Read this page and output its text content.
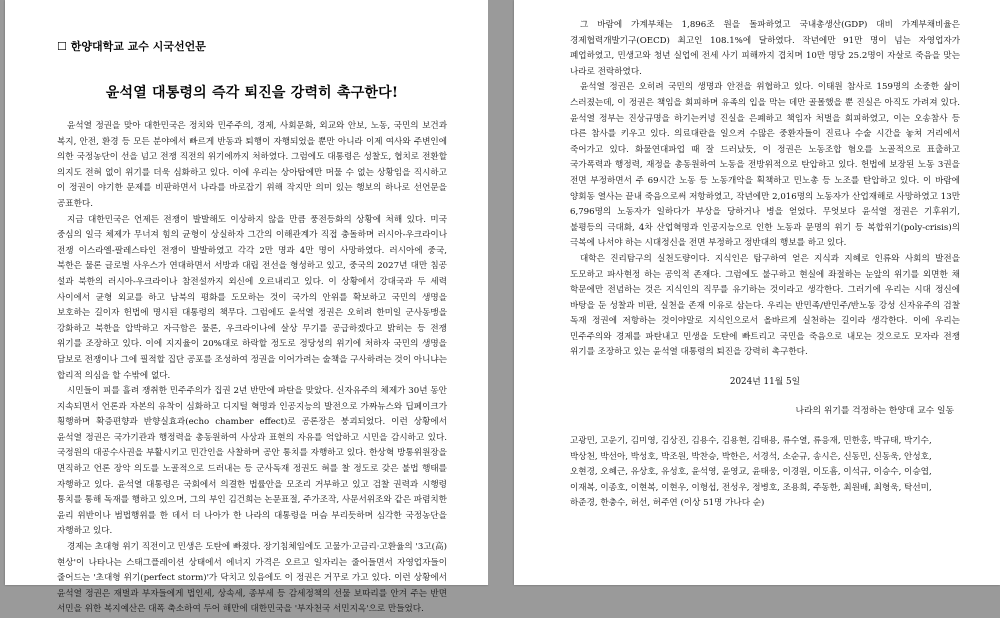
☐ 한양대학교 교수 시국선언문
윤석열 대통령의 즉각 퇴진을 강력히 촉구한다!

윤석열 정권을 맞아 대한민국은 정치와 민주주의, 경제, 사회문화, 외교와 안보, 노동, 국민의 보건과 복지, 안전, 환경 등 모든 분야에서 빠르게 반동과 퇴행이 자행되었을 뿐만 아니라 이제 여사와 주변인에 의한 국정농단이 선을 넘고 전쟁 직전의 위기에까지 처하였다. 그럼에도 대통령은 성찰도, 협치로 전환할 의지도 전혀 없이 위기를 더욱 심화하고 있다. 이에 우리는 상아탑에만 머물 수 없는 상황임을 직시하고 이 정권이 야기한 문제를 비판하면서 나라를 바로잡기 위해 작지만 의미 있는 행보의 하나로 선언문을 공표한다.

지금 대한민국은 언제든 전쟁이 발발해도 이상하지 않을 만큼 풍전등화의 상황에 처해 있다. 미국 중심의 일극 체제가 무너져 힘의 균형이 상실하자 그간의 이해관계가 직접 충돌하며 러시아-우크라이나 전쟁 이스라엘-팔레스타인 전쟁이 발발하였고 각각 2만 명과 4만 명이 사망하였다. 러시아에 중국, 북한은 물론 글로벌 사우스가 연대하면서 서방과 대립 전선을 형성하고 있고, 중국의 2027년 대만 침공 설과 북한의 러시아-우크라이나 참전설까지 외신에 오르내리고 있다. 이 상황에서 강대국과 두 세력 사이에서 균형 외교를 하고 남북의 평화를 도모하는 것이 국가의 안위를 확보하고 국민의 생명을 보호하는 길이자 헌법에 명시된 대통령의 책무다. 그럼에도 윤석열 정권은 오히려 한미일 군사동맹을 강화하고 북한을 압박하고 자극함은 물론, 우크라이나에 살상 무기를 공급하겠다고 밝히는 등 전쟁 위기를 조장하고 있다. 이에 지지율이 20%대로 하락할 정도로 정당성의 위기에 처하자 국민의 생명을 담보로 전쟁이나 그에 필적할 집단 공포를 조성하여 정권을 이어가려는 술책을 구사하려는 것이 아니냐는 합리적 의심을 할 수밖에 없다.

시민들이 피를 흘려 쟁취한 민주주의가 집권 2년 반만에 파탄을 맞았다. 신자유주의 체제가 30년 동안 지속되면서 언론과 자본의 유착이 심화하고 디지털 혁명과 인공지능의 발전으로 가짜뉴스와 딥페이크가 횡행하며 확증편향과 반향실효과(echo chamber effect)로 공론장은 붕괴되었다. 이런 상황에서 윤석열 정권은 국가기관과 행정력을 총동원하여 사상과 표현의 자유를 억압하고 시민을 감시하고 있다. 국정원의 대공수사권을 부활시키고 민간인을 사찰하며 공안 통치를 자행하고 있다. 한상혁 방통위원장을 면직하고 언론 장악 의도를 노골적으로 드러내는 등 군사독재 정권도 혀를 찰 정도로 갖은 불법 행태를 자행하고 있다. 윤석열 대통령은 국회에서 의결한 법률안을 모조리 거부하고 있고 검찰 권력과 시행령 통치를 통해 독재를 행하고 있으며, 그의 부인 김건희는 논문표절, 주가조작, 사문서위조와 같은 파렴치한 윤리 위반이나 범법행위를 한 데서 더 나아가 한 나라의 대통령을 머슴 부리듯하며 심각한 국정농단을 자행하고 있다.

경제는 초대형 위기 직전이고 민생은 도탄에 빠졌다. 장기침체임에도 고물가·고금리·고환율의 '3고(高) 현상'이 나타나는 스태그플레이션 상태에서 에너지 가격은 오르고 일자리는 줄어들면서 자영업자들이 줄어드는 '초대형 위기(perfect storm)'가 닥치고 있음에도 이 정권은 거꾸로 가고 있다. 이런 상황에서 윤석열 정권은 재벌과 부자들에게 법인세, 상속세, 종부세 등 감세정책의 선물 보따리를 안겨 주는 반면 서민을 위한 복지예산은 대폭 축소하여 두어 해만에 대한민국을 '부자천국 서민지옥'으로 만들었다.

그 바람에 가계부채는 1,896조 원을 돌파하였고 국내총생산(GDP) 대비 가계부채비율은 경제협력개발기구(OECD) 최고인 108.1%에 달하였다. 작년에만 91만 명이 넘는 자영업자가 폐업하였고, 민생고와 청년 실업에 전세 사기 피해까지 겹치며 10만 명당 25.2명이 자살로 죽음을 맞는 나라로 전락하였다.

윤석열 정권은 오히려 국민의 생명과 안전을 위협하고 있다. 이태원 참사로 159명의 소중한 삶이 스러졌는데, 이 정권은 책임을 회피하며 유족의 입을 막는 데만 골몰했을 뿐 진실은 아직도 가려져 있다. 윤석열 정부는 진상규명을 하기는커녕 진실을 은폐하고 책임자 처벌을 회피하였고, 이는 오송참사 등 다른 참사를 키우고 있다. 의료대란을 일으켜 수많은 중환자들이 진료나 수술 시간을 놓쳐 거리에서 죽어가고 있다. 화물연대파업 때 잘 드러났듯, 이 정권은 노동조합 혐오를 노골적으로 표출하고 국가폭력과 행정력, 재정을 총동원하여 노동을 전방위적으로 탄압하고 있다. 헌법에 보장된 노동 3권을 전면 부정하면서 주 69시간 노동 등 노동개악을 획책하고 민노총 등 노조를 탄압하고 있다. 이 바람에 양회동 열사는 끝내 죽음으로써 저항하였고, 작년에만 2,016명의 노동자가 산업재해로 사망하였고 13만 6,796명의 노동자가 일하다가 부상을 당하거나 병을 얻었다. 무엇보다 윤석열 정권은 기후위기, 불평등의 극대화, 4차 산업혁명과 인공지능으로 인한 노동과 문명의 위기 등 복합위기(poly-crisis)의 극복에 나서야 하는 시대정신을 전면 부정하고 정반대의 행보를 하고 있다.

대학은 진리탐구의 실천도량이다. 지식인은 탐구하여 얻은 지식과 지혜로 인류와 사회의 발전을 도모하고 파사현정 하는 공익적 존재다. 그럼에도 불구하고 현실에 좌절하는 눈앞의 위기를 외면한 채 학문에만 전념하는 것은 지식인의 직무를 유기하는 것이라고 생각한다. 그러기에 우리는 시대 정신에 바탕을 둔 성찰과 비판, 실천을 존재 이유로 삼는다. 우리는 반민족/반민주/반노동 강성 신자유주의 검찰 독재 정권에 저항하는 것이야말로 지식인으로서 올바르게 실천하는 길이라 생각한다. 이에 우리는 민주주의와 경제를 파탄내고 민생을 도탄에 빠트리고 국민을 죽음으로 내모는 것으로도 모자라 전쟁 위기를 조장하고 있는 윤석열 대통령의 퇴진을 강력히 촉구한다.

2024년 11월 5일
나라의 위기를 걱정하는 한양대 교수 일동
고광민, 고운기, 김미영, 김상진, 김용수, 김용현, 김태용, 류수열, 류응재, 민한홍, 박규태, 박기수, 박상천, 박선아, 박성호, 박조원, 박찬승, 박한은, 서경석, 소순규, 송시은, 신동민, 신동욱, 안성호, 오현경, 오혜근, 유상호, 유성호, 윤석영, 윤영교, 윤태웅, 이경원, 이도흠, 이석규, 이승수, 이승엽, 이재복, 이종호, 이현복, 이현우, 이형섭, 전성우, 정병호, 조용희, 주동한, 최원배, 최형욱, 탁선미, 하준경, 한충수, 허선, 허주연 (이상 51명 가나다 순)
